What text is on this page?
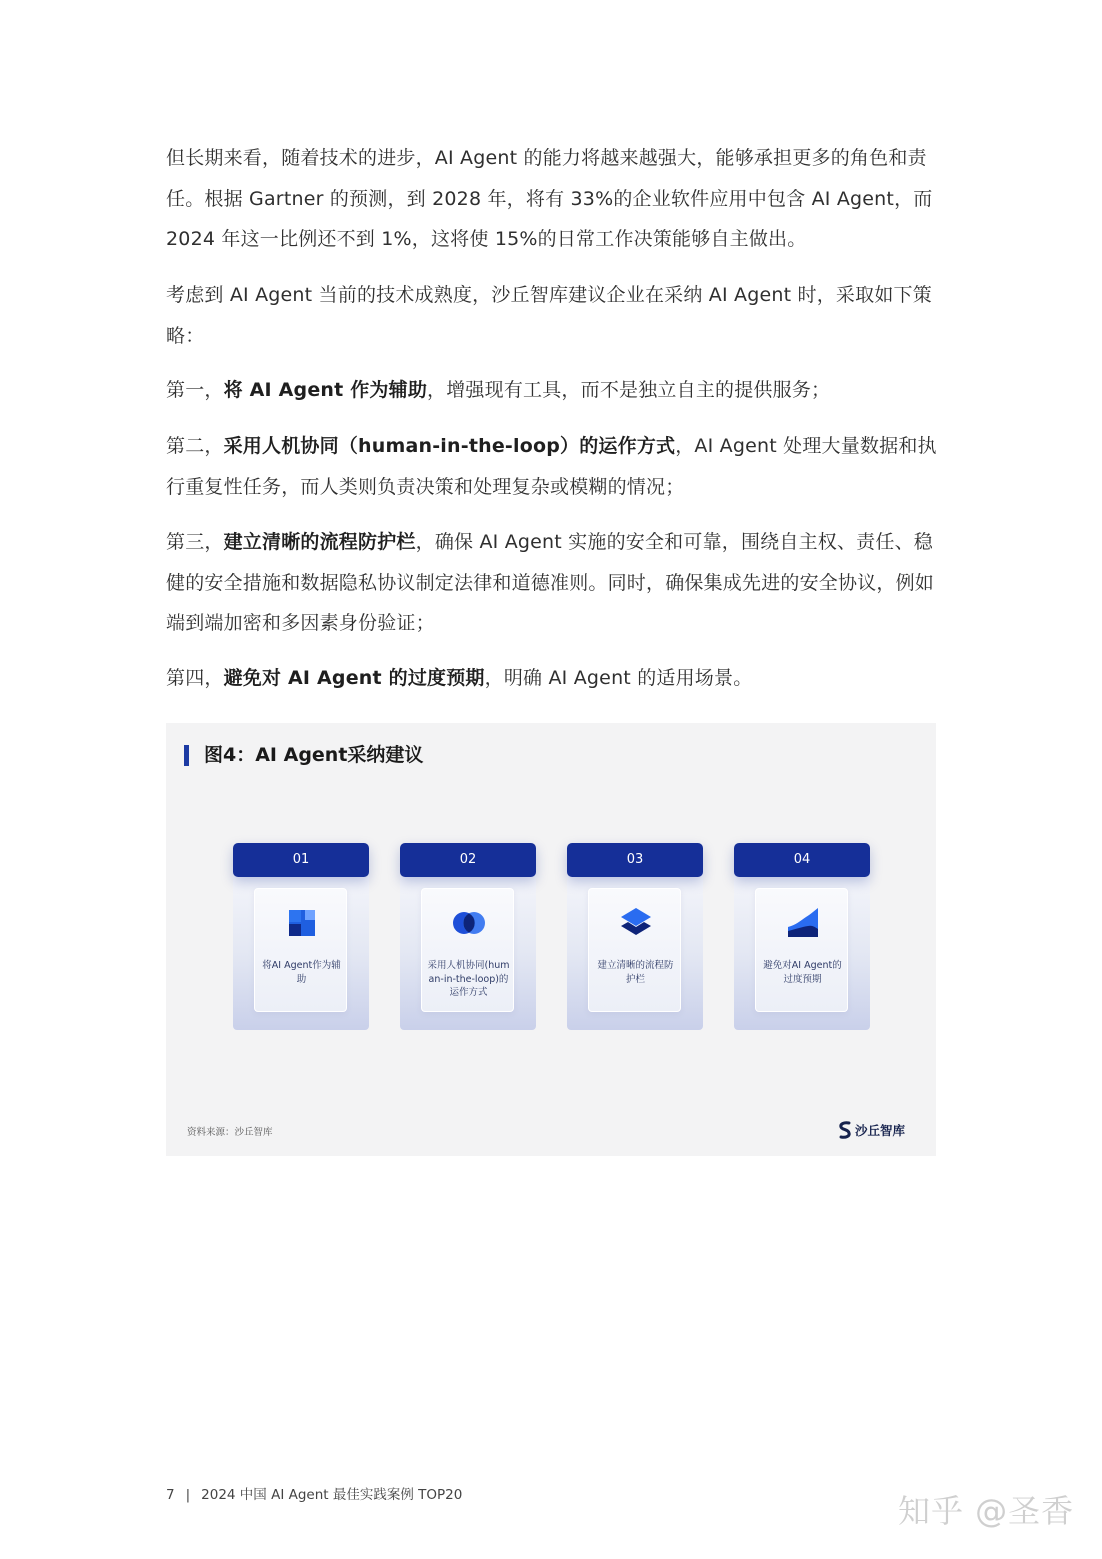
但长期来看，随着技术的进步，AI Agent 的能力将越来越强大，能够承担更多的角色和责任。根据 Gartner 的预测，到 2028 年，将有 33%的企业软件应用中包含 AI Agent，而 2024 年这一比例还不到 1%，这将使 15%的日常工作决策能够自主做出。

考虑到 AI Agent 当前的技术成熟度，沙丘智库建议企业在采纳 AI Agent 时，采取如下策略：

第一，将 AI Agent 作为辅助，增强现有工具，而不是独立自主的提供服务；

第二，采用人机协同（human-in-the-loop）的运作方式，AI Agent 处理大量数据和执行重复性任务，而人类则负责决策和处理复杂或模糊的情况；

第三，建立清晰的流程防护栏，确保 AI Agent 实施的安全和可靠，围绕自主权、责任、稳健的安全措施和数据隐私协议制定法律和道德准则。同时，确保集成先进的安全协议，例如端到端加密和多因素身份验证；

第四，避免对 AI Agent 的过度预期，明确 AI Agent 的适用场景。

图4：AI Agent采纳建议
01
将AI Agent作为辅助
02
采用人机协同(human-in-the-loop)的运作方式
03
建立清晰的流程防护栏
04
避免对AI Agent的过度预期
资料来源：沙丘智库	沙丘智库
7 | 2024 中国 AI Agent 最佳实践案例 TOP20	知乎 @圣香
